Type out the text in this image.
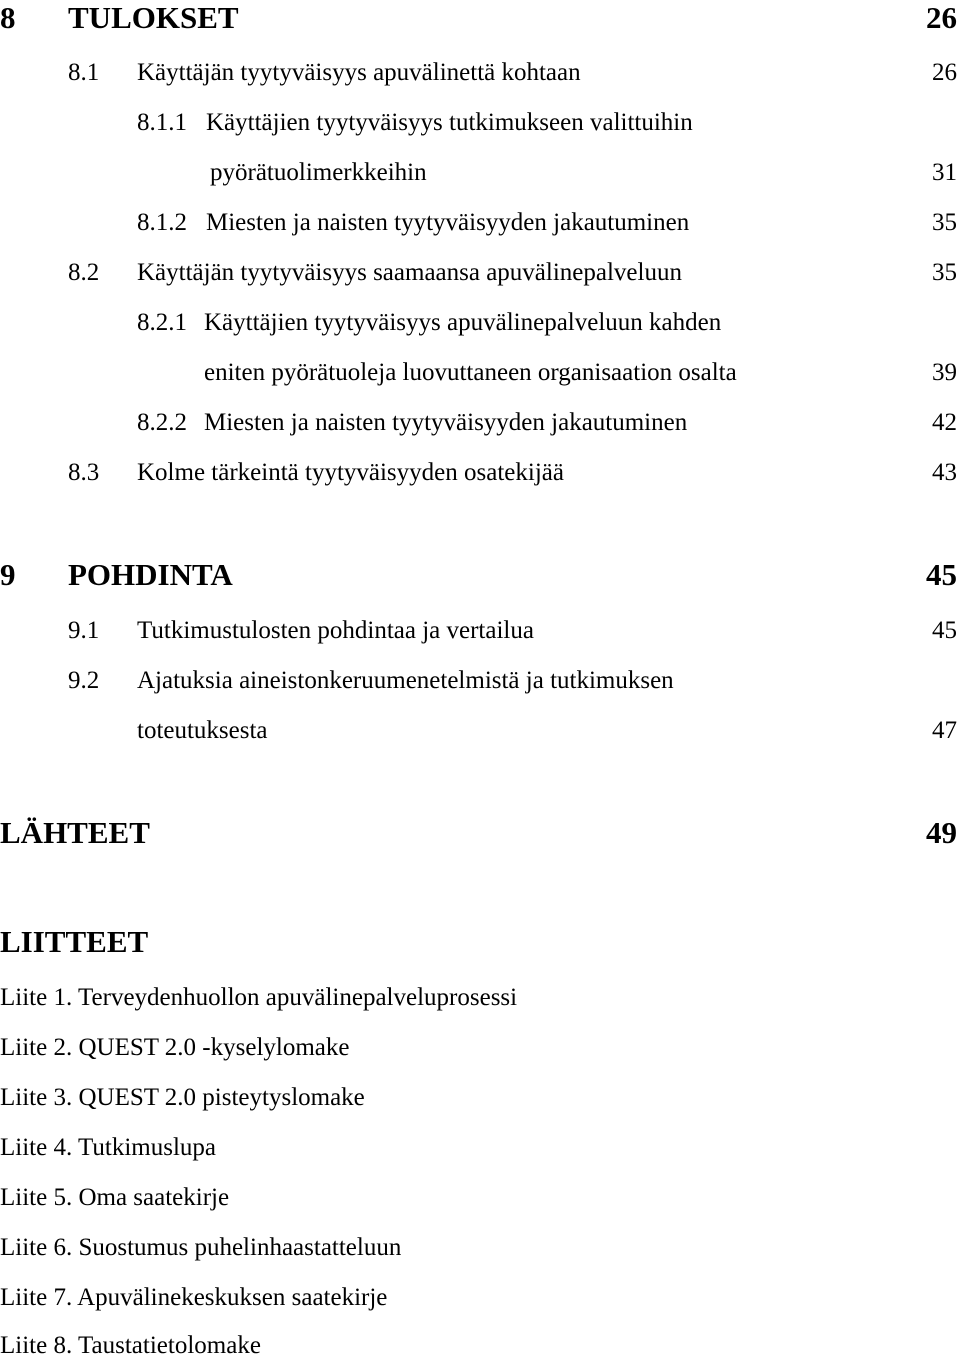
8 TULOKSET	26
8.1 Käyttäjän tyytyväisyys apuvälinettä kohtaan	26
8.1.1 Käyttäjien tyytyväisyys tutkimukseen valittuihin
pyörätuolimerkkeihin	31
8.1.2 Miesten ja naisten tyytyväisyyden jakautuminen	35
8.2 Käyttäjän tyytyväisyys saamaansa apuvälinepalveluun	35
8.2.1 Käyttäjien tyytyväisyys apuvälinepalveluun kahden
eniten pyörätuoleja luovuttaneen organisaation osalta	39
8.2.2 Miesten ja naisten tyytyväisyyden jakautuminen	42
8.3 Kolme tärkeintä tyytyväisyyden osatekijää	43
9 POHDINTA	45
9.1 Tutkimustulosten pohdintaa ja vertailua	45
9.2 Ajatuksia aineistonkeruumenetelmistä ja tutkimuksen
toteutuksesta	47
LÄHTEET	49
LIITTEET
Liite 1. Terveydenhuollon apuvälinepalveluprosessi
Liite 2. QUEST 2.0 -kyselylomake
Liite 3. QUEST 2.0 pisteytyslomake
Liite 4. Tutkimuslupa
Liite 5. Oma saatekirje
Liite 6. Suostumus puhelinhaastatteluun
Liite 7. Apuvälinekeskuksen saatekirje
Liite 8. Taustatietolomake
